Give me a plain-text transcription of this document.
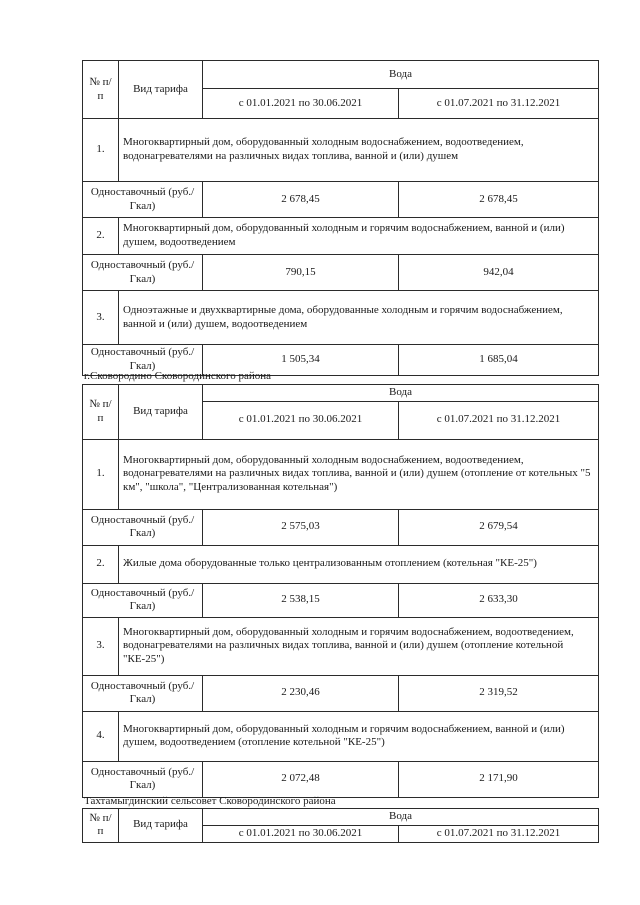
№ п/п	Вид тарифа	Вода	
		с 01.01.2021 по 30.06.2021	с 01.07.2021 по 31.12.2021
1.	Многоквартирный дом, оборудованный холодным водоснабжением, водоотведением, водонагревателями на различных видах топлива, ванной и (или) душем		
Одноставочный (руб./Гкал)		2 678,45	2 678,45
2.	Многоквартирный дом, оборудованный холодным и горячим водоснабжением, ванной и (или) душем, водоотведением		
Одноставочный (руб./Гкал)		790,15	942,04
3.	Одноэтажные и двухквартирные дома, оборудованные холодным и горячим водоснабжением, ванной и (или) душем, водоотведением		
Одноставочный (руб./Гкал)		1 505,34	1 685,04
г.Сковородино Сковородинского района
№ п/п	Вид тарифа	Вода	
		с 01.01.2021 по 30.06.2021	с 01.07.2021 по 31.12.2021
1.	Многоквартирный дом, оборудованный холодным водоснабжением, водоотведением, водонагревателями на различных видах топлива, ванной и (или) душем (отопление от котельных "5 км", "школа", "Централизованная котельная")		
Одноставочный (руб./Гкал)		2 575,03	2 679,54
2.	Жилые дома оборудованные только централизованным отоплением (котельная "КЕ-25")		
Одноставочный (руб./Гкал)		2 538,15	2 633,30
3.	Многоквартирный дом, оборудованный холодным и горячим водоснабжением, водоотведением, водонагревателями на различных видах топлива, ванной и (или) душем (отопление котельной "КЕ-25")		
Одноставочный (руб./Гкал)		2 230,46	2 319,52
4.	Многоквартирный дом, оборудованный холодным и горячим водоснабжением, ванной и (или) душем, водоотведением (отопление котельной "КЕ-25")		
Одноставочный (руб./Гкал)		2 072,48	2 171,90
Тахтамыгдинский сельсовет Сковородинского района
№ п/п	Вид тарифа	Вода	
		с 01.01.2021 по 30.06.2021	с 01.07.2021 по 31.12.2021
